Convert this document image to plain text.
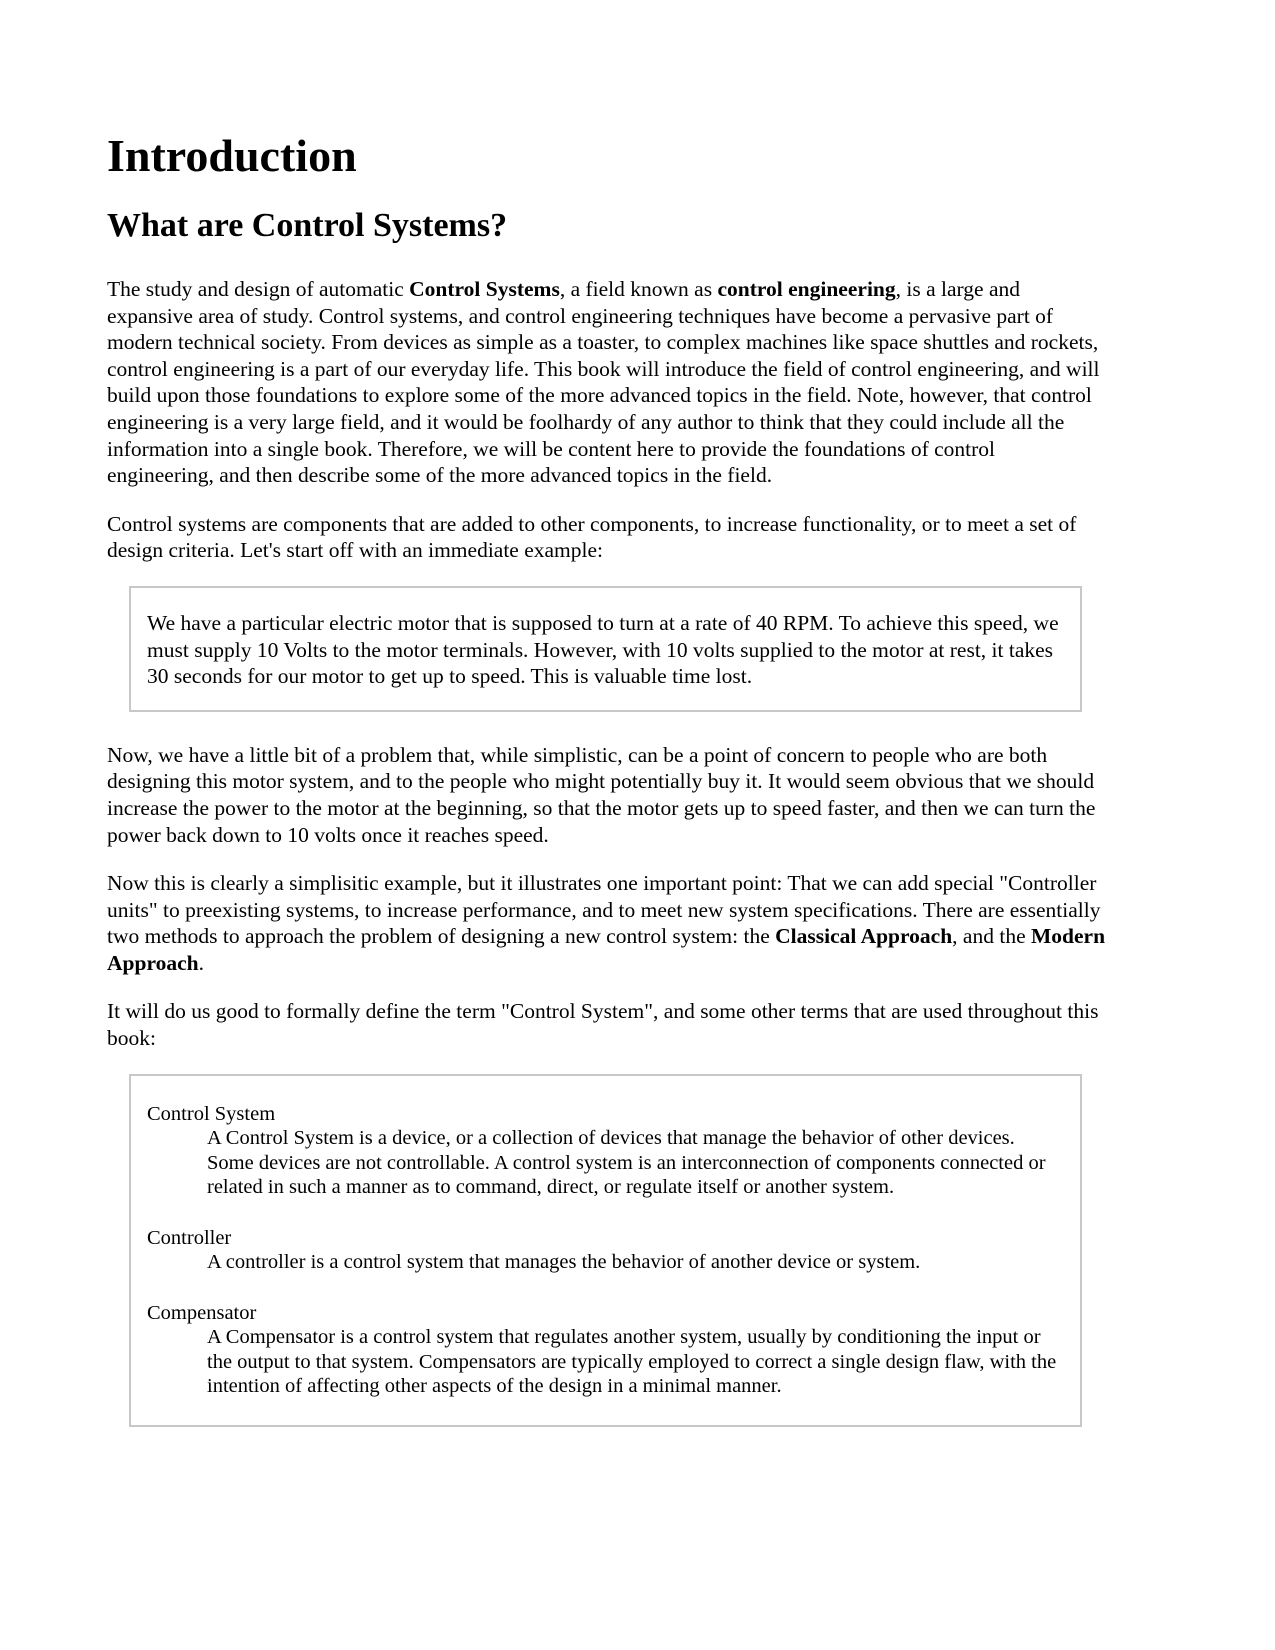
Introduction
What are Control Systems?

The study and design of automatic Control Systems, a field known as control engineering, is a large and expansive area of study. Control systems, and control engineering techniques have become a pervasive part of modern technical society. From devices as simple as a toaster, to complex machines like space shuttles and rockets, control engineering is a part of our everyday life. This book will introduce the field of control engineering, and will build upon those foundations to explore some of the more advanced topics in the field. Note, however, that control engineering is a very large field, and it would be foolhardy of any author to think that they could include all the information into a single book. Therefore, we will be content here to provide the foundations of control engineering, and then describe some of the more advanced topics in the field.

Control systems are components that are added to other components, to increase functionality, or to meet a set of design criteria. Let's start off with an immediate example:

We have a particular electric motor that is supposed to turn at a rate of 40 RPM. To achieve this speed, we must supply 10 Volts to the motor terminals. However, with 10 volts supplied to the motor at rest, it takes 30 seconds for our motor to get up to speed. This is valuable time lost.

Now, we have a little bit of a problem that, while simplistic, can be a point of concern to people who are both designing this motor system, and to the people who might potentially buy it. It would seem obvious that we should increase the power to the motor at the beginning, so that the motor gets up to speed faster, and then we can turn the power back down to 10 volts once it reaches speed.

Now this is clearly a simplisitic example, but it illustrates one important point: That we can add special "Controller units" to preexisting systems, to increase performance, and to meet new system specifications. There are essentially two methods to approach the problem of designing a new control system: the Classical Approach, and the Modern Approach.

It will do us good to formally define the term "Control System", and some other terms that are used throughout this book:

Control System
A Control System is a device, or a collection of devices that manage the behavior of other devices. Some devices are not controllable. A control system is an interconnection of components connected or related in such a manner as to command, direct, or regulate itself or another system.
Controller
A controller is a control system that manages the behavior of another device or system.
Compensator
A Compensator is a control system that regulates another system, usually by conditioning the input or the output to that system. Compensators are typically employed to correct a single design flaw, with the intention of affecting other aspects of the design in a minimal manner.
